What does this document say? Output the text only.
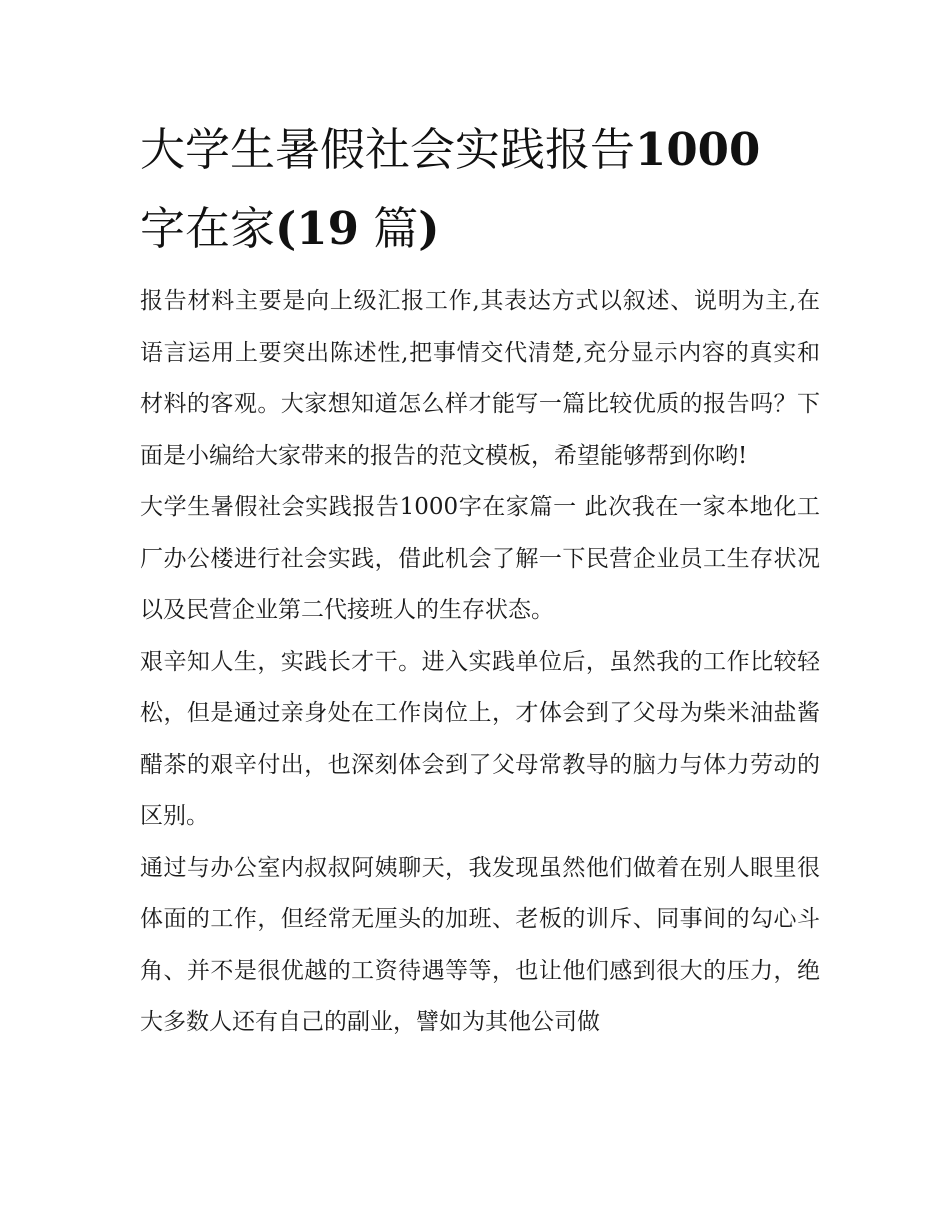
大学生暑假社会实践报告1000
字在家(19 篇)

报告材料主要是向上级汇报工作,其表达方式以叙述、说明为主,在语言运用上要突出陈述性,把事情交代清楚,充分显示内容的真实和材料的客观。大家想知道怎么样才能写一篇比较优质的报告吗？下面是小编给大家带来的报告的范文模板，希望能够帮到你哟!

大学生暑假社会实践报告1000字在家篇一 此次我在一家本地化工厂办公楼进行社会实践，借此机会了解一下民营企业员工生存状况以及民营企业第二代接班人的生存状态。

艰辛知人生，实践长才干。进入实践单位后，虽然我的工作比较轻松，但是通过亲身处在工作岗位上，才体会到了父母为柴米油盐酱醋茶的艰辛付出，也深刻体会到了父母常教导的脑力与体力劳动的区别。

通过与办公室内叔叔阿姨聊天，我发现虽然他们做着在别人眼里很体面的工作，但经常无厘头的加班、老板的训斥、同事间的勾心斗角、并不是很优越的工资待遇等等，也让他们感到很大的压力，绝大多数人还有自己的副业，譬如为其他公司做
